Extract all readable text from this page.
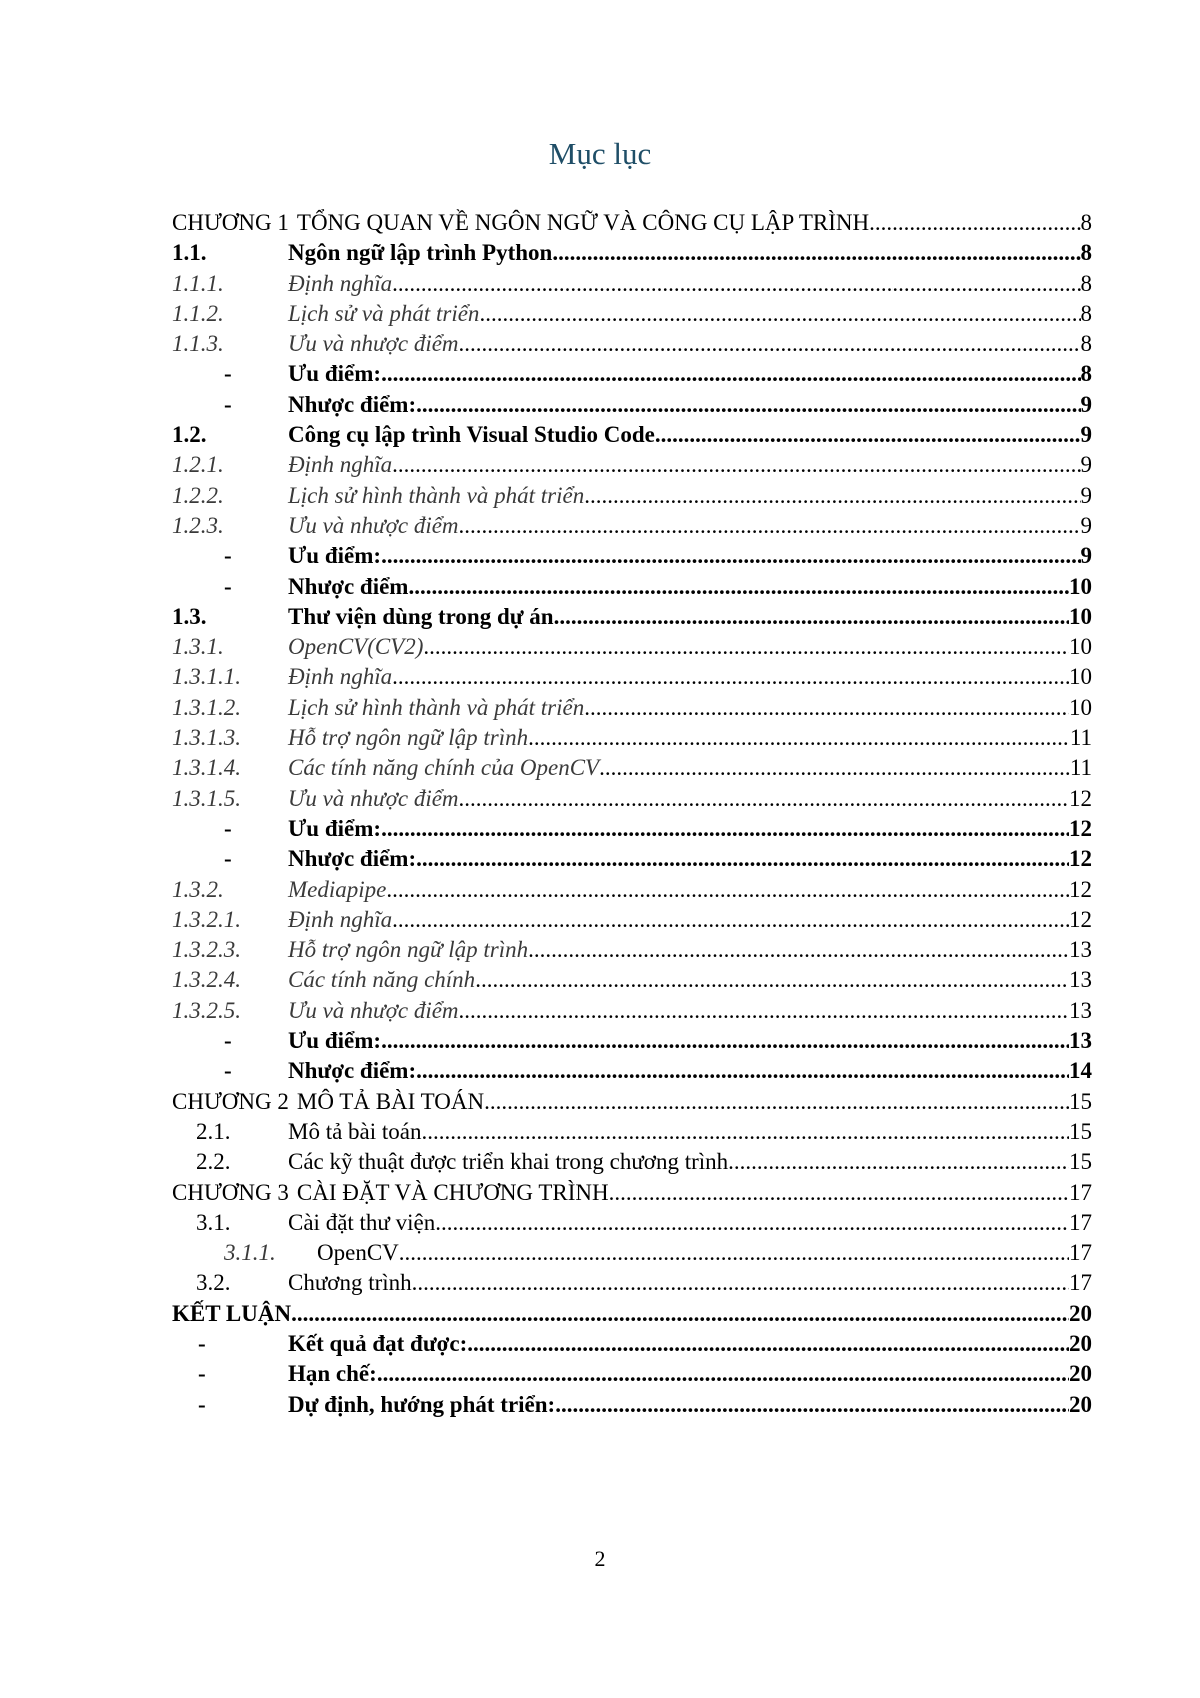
Mục lục
CHƯƠNG 1 TỔNG QUAN VỀ NGÔN NGỮ VÀ CÔNG CỤ LẬP TRÌNH .....	8
1.1.	Ngôn ngữ lập trình Python .....	8
1.1.1.	Định nghĩa .....	8
1.1.2.	Lịch sử và phát triển .....	8
1.1.3.	Ưu và nhược điểm .....	8
-	Ưu điểm: .....	8
-	Nhược điểm: .....	9
1.2.	Công cụ lập trình Visual Studio Code .....	9
1.2.1.	Định nghĩa .....	9
1.2.2.	Lịch sử hình thành và phát triển .....	9
1.2.3.	Ưu và nhược điểm .....	9
-	Ưu điểm: .....	9
-	Nhược điểm .....	10
1.3.	Thư viện dùng trong dự án .....	10
1.3.1.	OpenCV(CV2) .....	10
1.3.1.1.	Định nghĩa .....	10
1.3.1.2.	Lịch sử hình thành và phát triển .....	10
1.3.1.3.	Hỗ trợ ngôn ngữ lập trình .....	11
1.3.1.4.	Các tính năng chính của OpenCV .....	11
1.3.1.5.	Ưu và nhược điểm .....	12
-	Ưu điểm: .....	12
-	Nhược điểm: .....	12
1.3.2.	Mediapipe .....	12
1.3.2.1.	Định nghĩa .....	12
1.3.2.3.	Hỗ trợ ngôn ngữ lập trình .....	13
1.3.2.4.	Các tính năng chính .....	13
1.3.2.5.	Ưu và nhược điểm .....	13
-	Ưu điểm: .....	13
-	Nhược điểm: .....	14
CHƯƠNG 2 MÔ TẢ BÀI TOÁN .....	15
2.1.	Mô tả bài toán .....	15
2.2.	Các kỹ thuật được triển khai trong chương trình .....	15
CHƯƠNG 3 CÀI ĐẶT VÀ CHƯƠNG TRÌNH .....	17
3.1.	Cài đặt thư viện .....	17
3.1.1.	OpenCV .....	17
3.2.	Chương trình .....	17
KẾT LUẬN .....	20
-	Kết quả đạt được: .....	20
-	Hạn chế: .....	20
-	Dự định, hướng phát triển: .....	20
2
